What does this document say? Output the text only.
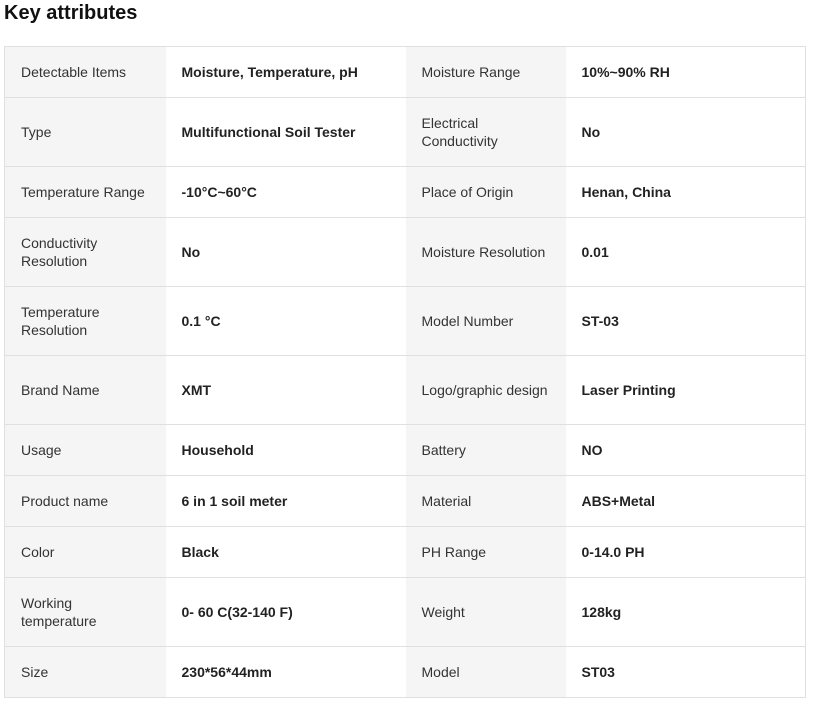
Key attributes
Detectable Items	Moisture, Temperature, pH	Moisture Range	10%~90% RH
Type	Multifunctional Soil Tester	Electrical Conductivity	No
Temperature Range	-10°C~60°C	Place of Origin	Henan, China
Conductivity Resolution	No	Moisture Resolution	0.01
Temperature Resolution	0.1 °C	Model Number	ST-03
Brand Name	XMT	Logo/graphic design	Laser Printing
Usage	Household	Battery	NO
Product name	6 in 1 soil meter	Material	ABS+Metal
Color	Black	PH Range	0-14.0 PH
Working temperature	0- 60 C(32-140 F)	Weight	128kg
Size	230*56*44mm	Model	ST03
